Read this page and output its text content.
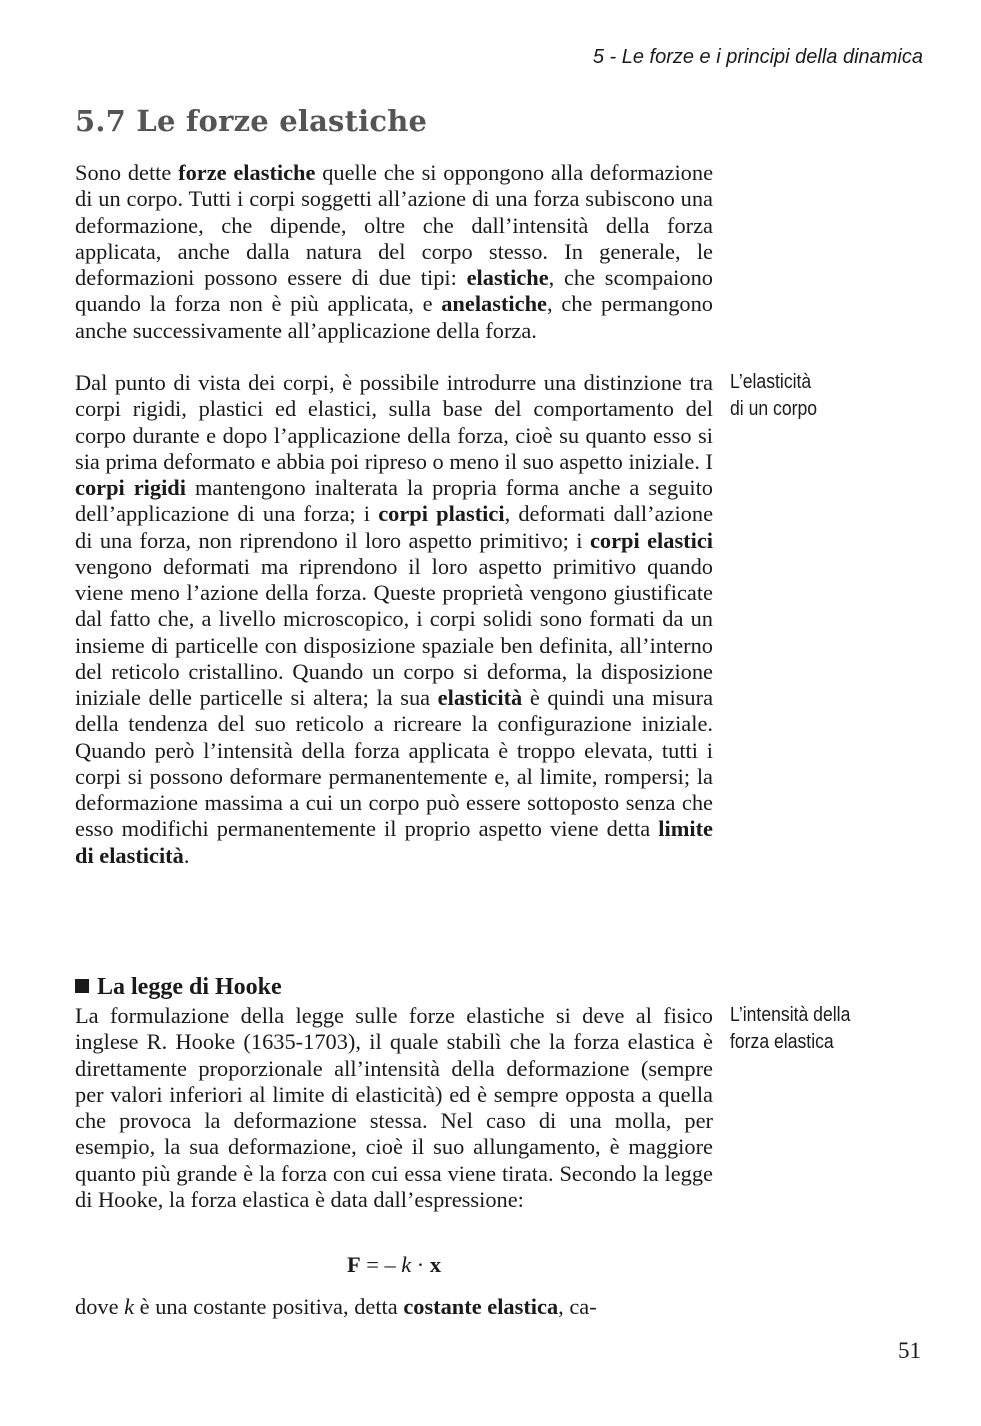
5 - Le forze e i principi della dinamica
5.7 Le forze elastiche

Sono dette forze elastiche quelle che si oppongono alla deformazione di un corpo. Tutti i corpi soggetti all’azione di una forza subiscono una deformazione, che dipende, oltre che dall’intensità della forza applicata, anche dalla natura del corpo stesso. In generale, le deformazioni possono essere di due tipi: elastiche, che scompaiono quando la forza non è più applicata, e anelastiche, che permangono anche successivamente all’applicazione della forza.

Dal punto di vista dei corpi, è possibile introdurre una distinzione tra corpi rigidi, plastici ed elastici, sulla base del comportamento del corpo durante e dopo l’applicazione della forza, cioè su quanto esso si sia prima deformato e abbia poi ripreso o meno il suo aspetto iniziale. I corpi rigidi mantengono inalterata la propria forma anche a seguito dell’applicazione di una forza; i corpi plastici, deformati dall’azione di una forza, non riprendono il loro aspetto primitivo; i corpi elastici vengono deformati ma riprendono il loro aspetto primitivo quando viene meno l’azione della forza. Queste proprietà vengono giustificate dal fatto che, a livello microscopico, i corpi solidi sono formati da un insieme di particelle con disposizione spaziale ben definita, all’interno del reticolo cristallino. Quando un corpo si deforma, la disposizione iniziale delle particelle si altera; la sua elasticità è quindi una misura della tendenza del suo reticolo a ricreare la configurazione iniziale. Quando però l’intensità della forza applicata è troppo elevata, tutti i corpi si possono deformare permanentemente e, al limite, rompersi; la deformazione massima a cui un corpo può essere sottoposto senza che esso modifichi permanentemente il proprio aspetto viene detta limite di elasticità.

L’elasticità
di un corpo
La legge di Hooke

La formulazione della legge sulle forze elastiche si deve al fisico inglese R. Hooke (1635-1703), il quale stabilì che la forza elastica è direttamente proporzionale all’intensità della deformazione (sempre per valori inferiori al limite di elasticità) ed è sempre opposta a quella che provoca la deformazione stessa. Nel caso di una molla, per esempio, la sua deformazione, cioè il suo allungamento, è maggiore quanto più grande è la forza con cui essa viene tirata. Secondo la legge di Hooke, la forza elastica è data dall’espressione:

L’intensità della
forza elastica
F = – k · x

dove k è una costante positiva, detta costante elastica, ca-

51
